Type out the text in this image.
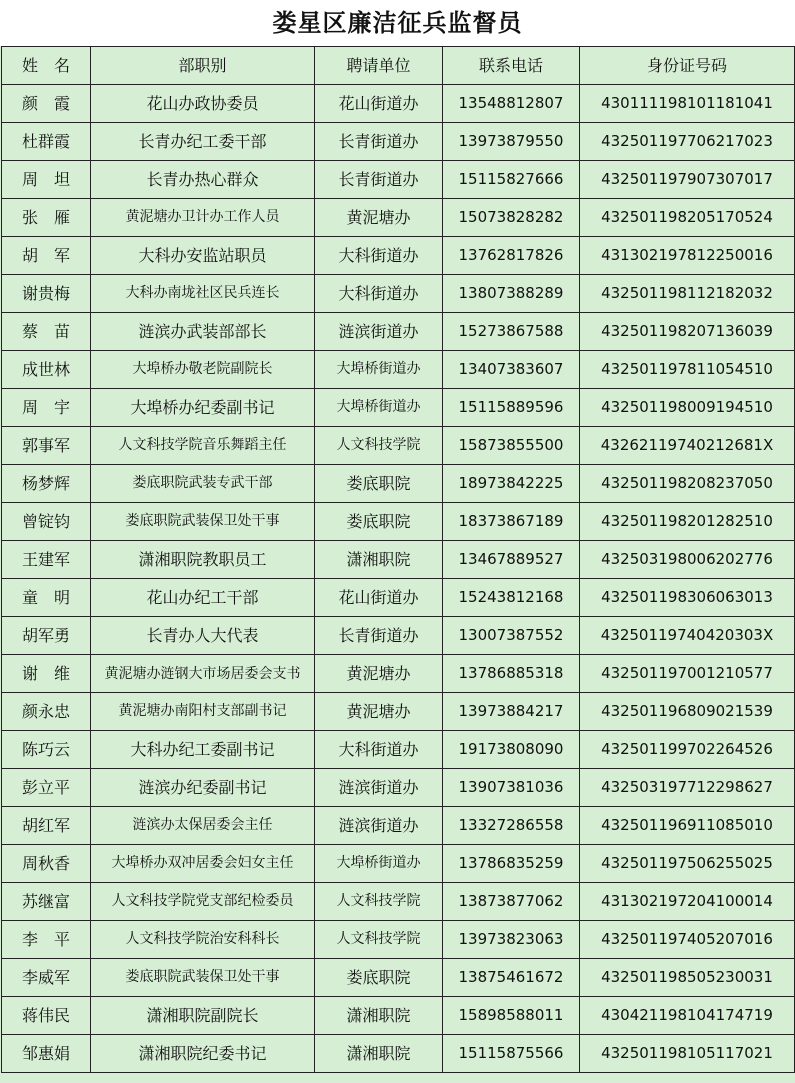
娄星区廉洁征兵监督员
姓　名	部职别	聘请单位	联系电话	身份证号码
颜　霞	花山办政协委员	花山街道办	13548812807	430111198101181041
杜群霞	长青办纪工委干部	长青街道办	13973879550	432501197706217023
周　坦	长青办热心群众	长青街道办	15115827666	432501197907307017
张　雁	黄泥塘办卫计办工作人员	黄泥塘办	15073828282	432501198205170524
胡　军	大科办安监站职员	大科街道办	13762817826	431302197812250016
谢贵梅	大科办南垅社区民兵连长	大科街道办	13807388289	432501198112182032
蔡　苗	涟滨办武装部部长	涟滨街道办	15273867588	432501198207136039
成世林	大埠桥办敬老院副院长	大埠桥街道办	13407383607	432501197811054510
周　宇	大埠桥办纪委副书记	大埠桥街道办	15115889596	432501198009194510
郭事军	人文科技学院音乐舞蹈主任	人文科技学院	15873855500	43262119740212681X
杨梦辉	娄底职院武装专武干部	娄底职院	18973842225	432501198208237050
曾锭钧	娄底职院武装保卫处干事	娄底职院	18373867189	432501198201282510
王建军	潇湘职院教职员工	潇湘职院	13467889527	432503198006202776
童　明	花山办纪工干部	花山街道办	15243812168	432501198306063013
胡军勇	长青办人大代表	长青街道办	13007387552	43250119740420303X
谢　维	黄泥塘办涟钢大市场居委会支书	黄泥塘办	13786885318	432501197001210577
颜永忠	黄泥塘办南阳村支部副书记	黄泥塘办	13973884217	432501196809021539
陈巧云	大科办纪工委副书记	大科街道办	19173808090	432501199702264526
彭立平	涟滨办纪委副书记	涟滨街道办	13907381036	432503197712298627
胡红军	涟滨办太保居委会主任	涟滨街道办	13327286558	432501196911085010
周秋香	大埠桥办双冲居委会妇女主任	大埠桥街道办	13786835259	432501197506255025
苏继富	人文科技学院党支部纪检委员	人文科技学院	13873877062	431302197204100014
李　平	人文科技学院治安科科长	人文科技学院	13973823063	432501197405207016
李威军	娄底职院武装保卫处干事	娄底职院	13875461672	432501198505230031
蒋伟民	潇湘职院副院长	潇湘职院	15898588011	430421198104174719
邹惠娟	潇湘职院纪委书记	潇湘职院	15115875566	432501198105117021
